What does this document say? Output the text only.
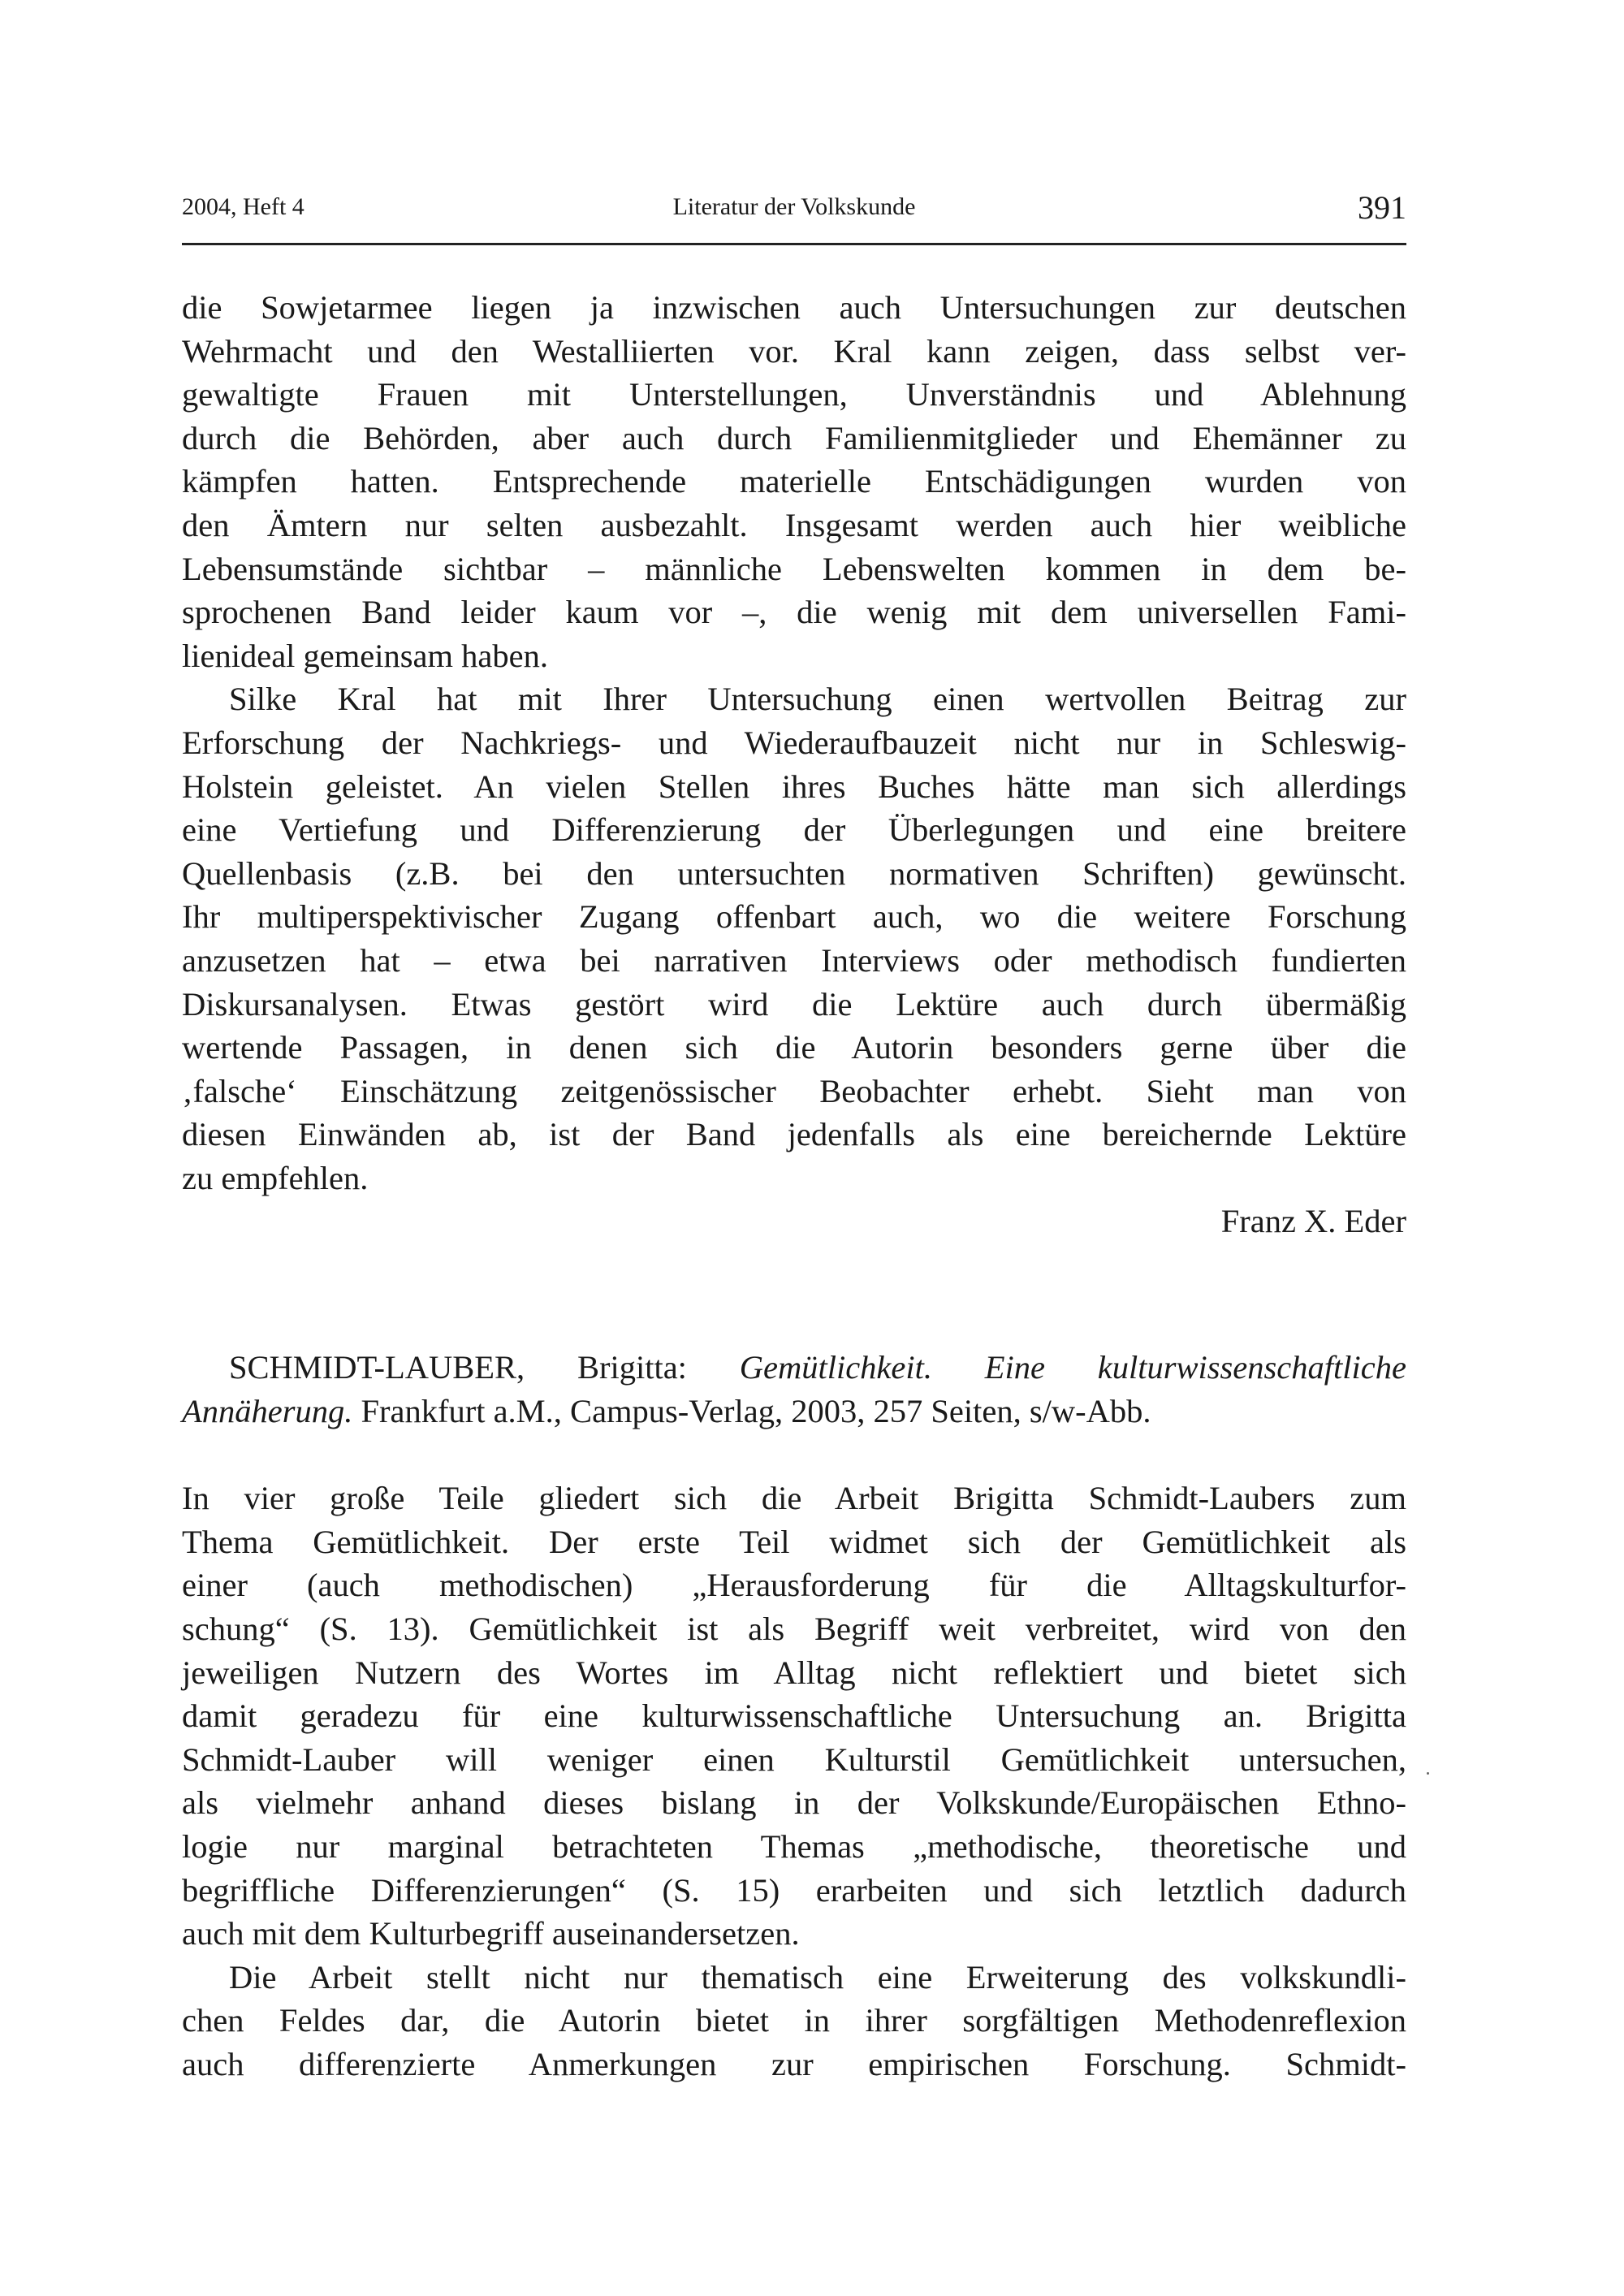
2004, Heft 4	Literatur der Volkskunde	391
die Sowjetarmee liegen ja inzwischen auch Untersuchungen zur deutschen
Wehrmacht und den Westalliierten vor. Kral kann zeigen, dass selbst ver-
gewaltigte Frauen mit Unterstellungen, Unverständnis und Ablehnung
durch die Behörden, aber auch durch Familienmitglieder und Ehemänner zu
kämpfen hatten. Entsprechende materielle Entschädigungen wurden von
den Ämtern nur selten ausbezahlt. Insgesamt werden auch hier weibliche
Lebensumstände sichtbar – männliche Lebenswelten kommen in dem be-
sprochenen Band leider kaum vor –, die wenig mit dem universellen Fami-
lienideal gemeinsam haben.
Silke Kral hat mit Ihrer Untersuchung einen wertvollen Beitrag zur
Erforschung der Nachkriegs- und Wiederaufbauzeit nicht nur in Schleswig-
Holstein geleistet. An vielen Stellen ihres Buches hätte man sich allerdings
eine Vertiefung und Differenzierung der Überlegungen und eine breitere
Quellenbasis (z.B. bei den untersuchten normativen Schriften) gewünscht.
Ihr multiperspektivischer Zugang offenbart auch, wo die weitere Forschung
anzusetzen hat – etwa bei narrativen Interviews oder methodisch fundierten
Diskursanalysen. Etwas gestört wird die Lektüre auch durch übermäßig
wertende Passagen, in denen sich die Autorin besonders gerne über die
‚falsche‘ Einschätzung zeitgenössischer Beobachter erhebt. Sieht man von
diesen Einwänden ab, ist der Band jedenfalls als eine bereichernde Lektüre
zu empfehlen.
Franz X. Eder
SCHMIDT-LAUBER, Brigitta: Gemütlichkeit. Eine kulturwissenschaftliche
Annäherung. Frankfurt a.M., Campus-Verlag, 2003, 257 Seiten, s/w-Abb.
In vier große Teile gliedert sich die Arbeit Brigitta Schmidt-Laubers zum
Thema Gemütlichkeit. Der erste Teil widmet sich der Gemütlichkeit als
einer (auch methodischen) „Herausforderung für die Alltagskulturfor-
schung“ (S. 13). Gemütlichkeit ist als Begriff weit verbreitet, wird von den
jeweiligen Nutzern des Wortes im Alltag nicht reflektiert und bietet sich
damit geradezu für eine kulturwissenschaftliche Untersuchung an. Brigitta
Schmidt-Lauber will weniger einen Kulturstil Gemütlichkeit untersuchen,
als vielmehr anhand dieses bislang in der Volkskunde/Europäischen Ethno-
logie nur marginal betrachteten Themas „methodische, theoretische und
begriffliche Differenzierungen“ (S. 15) erarbeiten und sich letztlich dadurch
auch mit dem Kulturbegriff auseinandersetzen.
Die Arbeit stellt nicht nur thematisch eine Erweiterung des volkskundli-
chen Feldes dar, die Autorin bietet in ihrer sorgfältigen Methodenreflexion
auch differenzierte Anmerkungen zur empirischen Forschung. Schmidt-
